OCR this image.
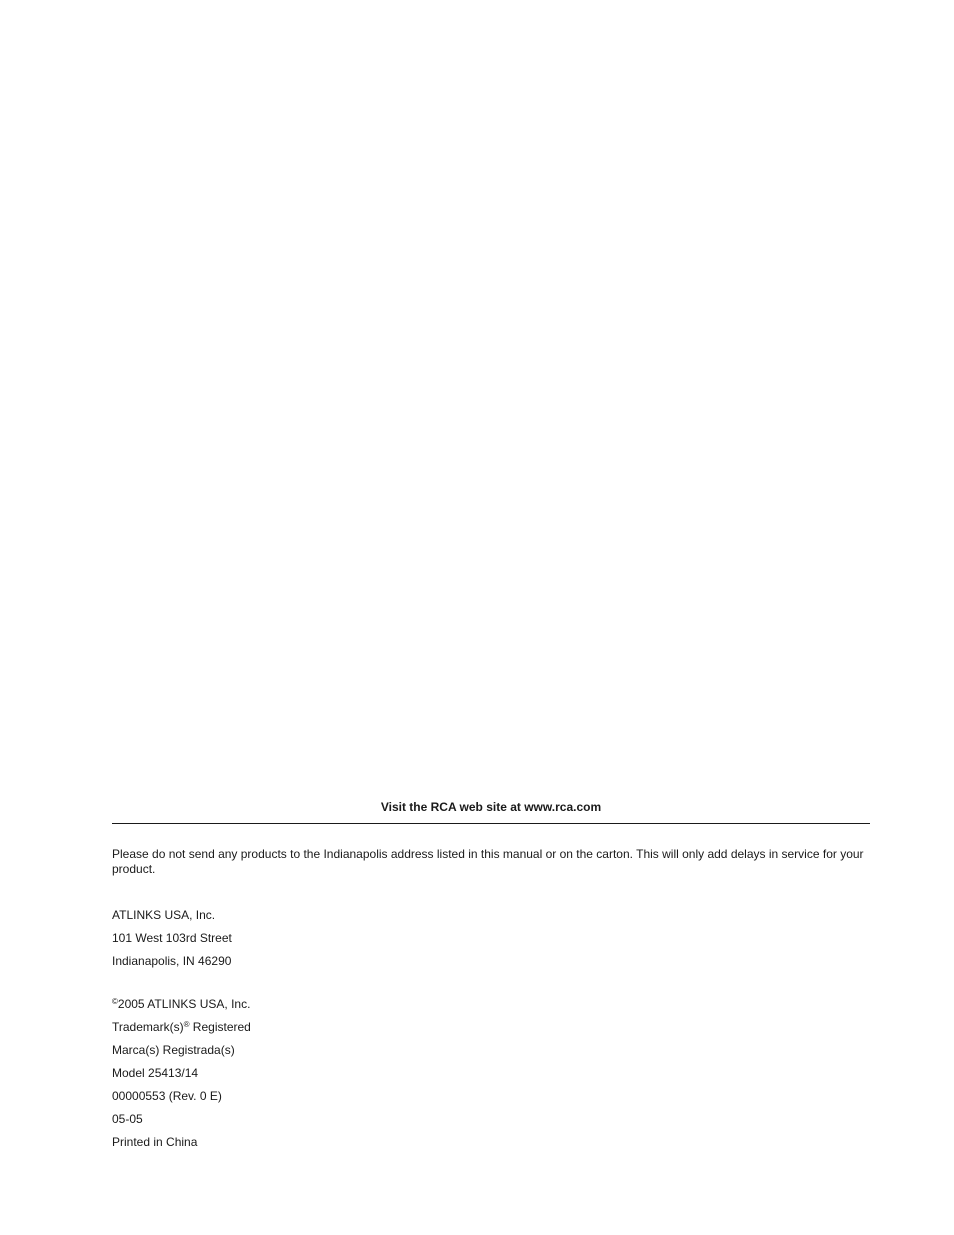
Visit the RCA web site at www.rca.com

Please do not send any products to the Indianapolis address listed in this manual or on the carton. This will only add delays in service for your product.

ATLINKS USA, Inc.
101 West 103rd Street
Indianapolis, IN 46290
©2005 ATLINKS USA, Inc.
Trademark(s)® Registered
Marca(s) Registrada(s)
Model 25413/14
00000553 (Rev. 0 E)
05-05
Printed in China
